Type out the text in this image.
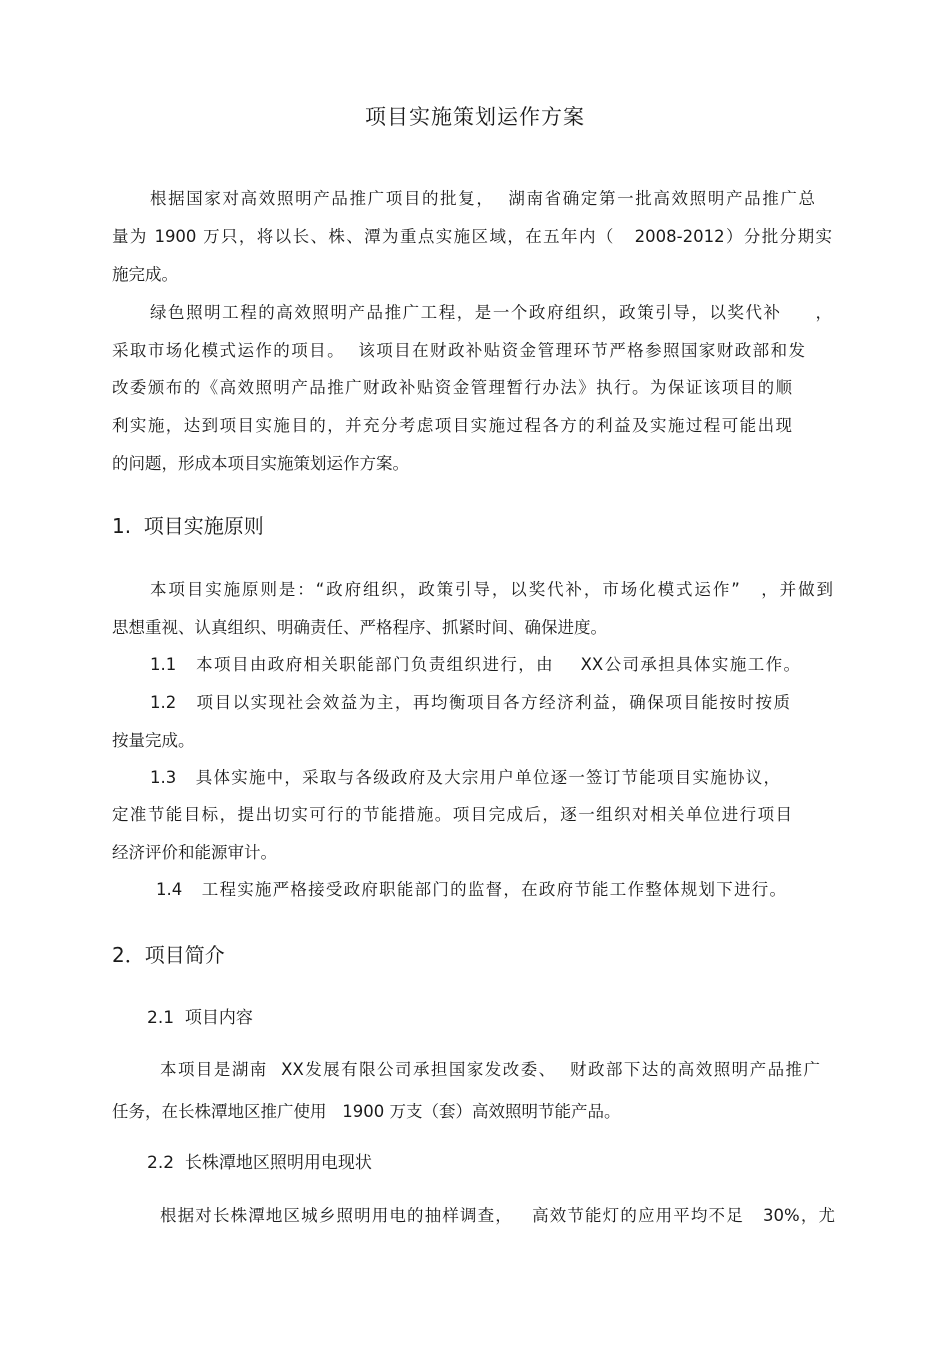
项目实施策划运作方案
根据国家对高效照明产品推广项目的批复，  湖南省确定第一批高效照明产品推广总
量为 1900 万只，将以长、株、潭为重点实施区域，在五年内（   2008-2012）分批分期实
施完成。
绿色照明工程的高效照明产品推广工程，是一个政府组织，政策引导，以奖代补     ，
采取市场化模式运作的项目。  该项目在财政补贴资金管理环节严格参照国家财政部和发
改委颁布的《高效照明产品推广财政补贴资金管理暂行办法》执行。为保证该项目的顺
利实施，达到项目实施目的，并充分考虑项目实施过程各方的利益及实施过程可能出现
的问题，形成本项目实施策划运作方案。
1.  项目实施原则
本项目实施原则是：“政府组织，政策引导，以奖代补，市场化模式运作”   ，并做到
思想重视、认真组织、明确责任、严格程序、抓紧时间、确保进度。
1.1   本项目由政府相关职能部门负责组织进行，由    XX公司承担具体实施工作。
1.2   项目以实现社会效益为主，再均衡项目各方经济利益，确保项目能按时按质
按量完成。
1.3   具体实施中，采取与各级政府及大宗用户单位逐一签订节能项目实施协议，
定准节能目标，提出切实可行的节能措施。项目完成后，逐一组织对相关单位进行项目
经济评价和能源审计。
1.4   工程实施严格接受政府职能部门的监督，在政府节能工作整体规划下进行。
2．项目简介
2.1  项目内容
本项目是湖南  XX发展有限公司承担国家发改委、  财政部下达的高效照明产品推广
任务，在长株潭地区推广使用   1900 万支（套）高效照明节能产品。
2.2  长株潭地区照明用电现状
根据对长株潭地区城乡照明用电的抽样调查，   高效节能灯的应用平均不足   30%，尤
